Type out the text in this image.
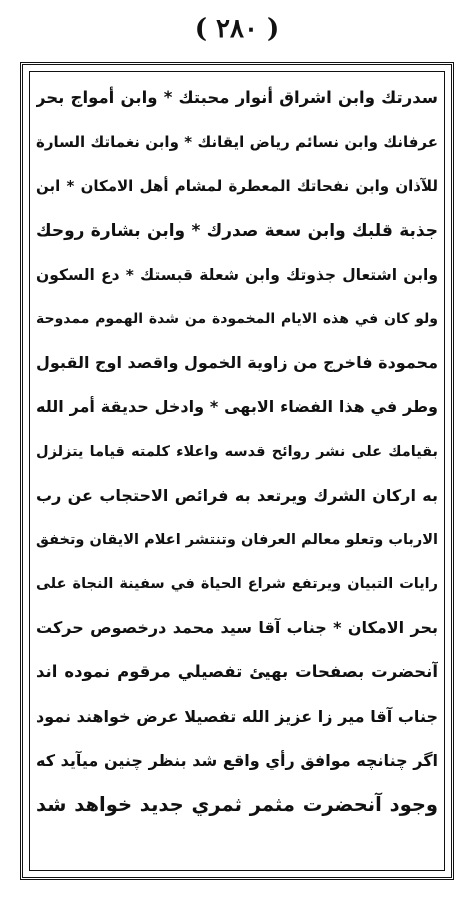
( ٢٨٠ )
سدرتك وابن اشراق أنوار محبتك * وابن أمواج بحر
عرفانك وابن نسائم رياض ايقانك * وابن نغماتك السارة
للآذان وابن نفحاتك المعطرة لمشام أهل الامكان * ابن
جذبة قلبك وابن سعة صدرك * وابن بشارة روحك
وابن اشتعال جذوتك وابن شعلة قبستك * دع السكون
ولو كان في هذه الايام المخمودة من شدة الهموم ممدوحة
محمودة فاخرج من زاوية الخمول واقصد اوج القبول
وطر في هذا الفضاء الابهى * وادخل حديقة أمر الله
بقيامك على نشر روائح قدسه واعلاء كلمته قياما يتزلزل
به اركان الشرك ويرتعد به فرائص الاحتجاب عن رب
الارباب وتعلو معالم العرفان وتنتشر اعلام الايقان وتخفق
رايات التبيان ويرتفع شراع الحياة في سفينة النجاة على
بحر الامكان * جناب آقا سيد محمد درخصوص حركت
آنحضرت بصفحات بهيئ تفصيلي مرقوم نموده اند
جناب آقا مير زا عزيز الله تفصيلا عرض خواهند نمود
اگر چنانچه موافق رأي واقع شد بنظر چنين ميآيد كه
وجود آنحضرت مثمر ثمري جديد خواهد شد
